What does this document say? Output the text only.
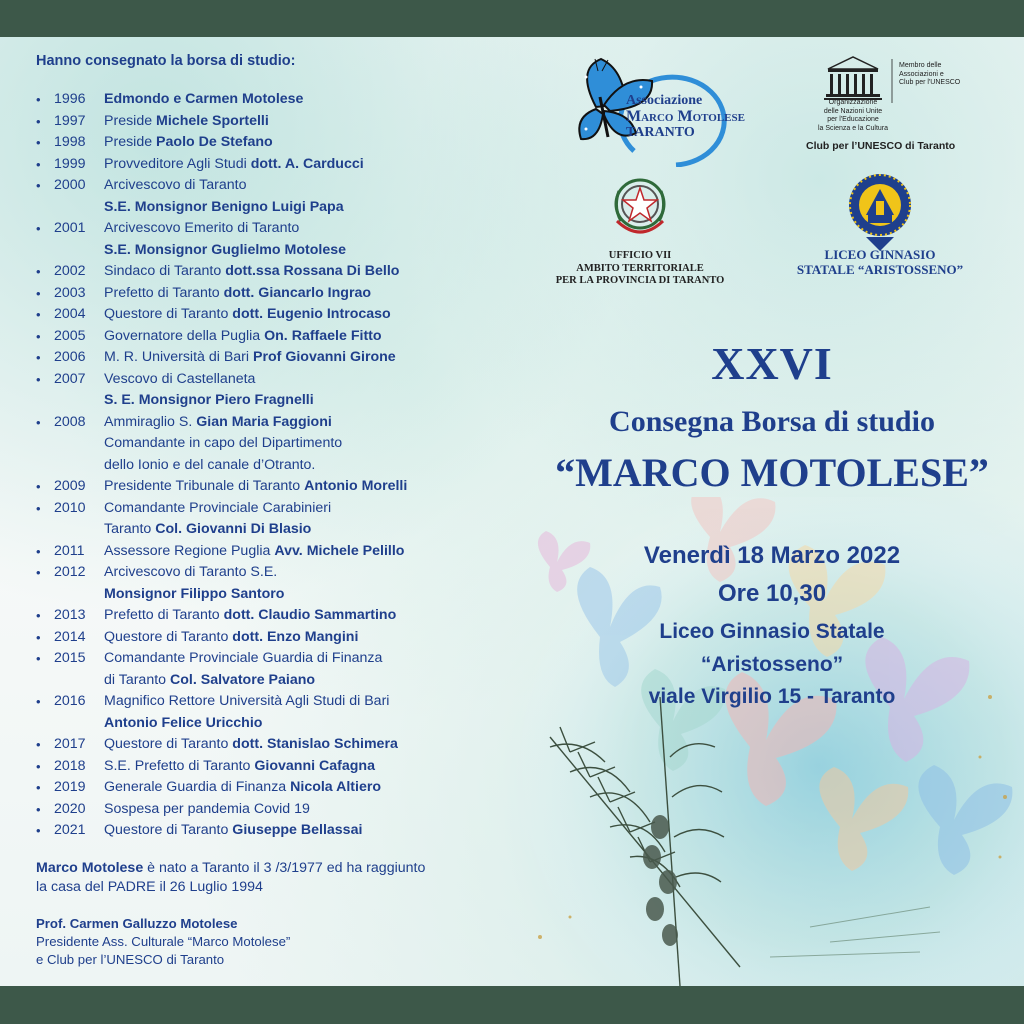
Hanno consegnato la borsa di studio:
• 1996 Edmondo e Carmen Motolese
• 1997 Preside Michele Sportelli
• 1998 Preside Paolo De Stefano
• 1999 Provveditore Agli Studi dott. A. Carducci
• 2000 Arcivescovo di Taranto
S.E. Monsignor Benigno Luigi Papa
• 2001 Arcivescovo Emerito di Taranto
S.E. Monsignor Guglielmo Motolese
• 2002 Sindaco di Taranto dott.ssa Rossana Di Bello
• 2003 Prefetto di Taranto dott. Giancarlo Ingrao
• 2004 Questore di Taranto dott. Eugenio Introcaso
• 2005 Governatore della Puglia On. Raffaele Fitto
• 2006 M. R. Università di Bari Prof Giovanni Girone
• 2007 Vescovo di Castellaneta
S. E. Monsignor Piero Fragnelli
• 2008 Ammiraglio S. Gian Maria Faggioni
Comandante in capo del Dipartimento
dello Ionio e del canale d’Otranto.
• 2009 Presidente Tribunale di Taranto Antonio Morelli
• 2010 Comandante Provinciale Carabinieri
Taranto Col. Giovanni Di Blasio
• 2011 Assessore Regione Puglia Avv. Michele Pelillo
• 2012 Arcivescovo di Taranto S.E.
Monsignor Filippo Santoro
• 2013 Prefetto di Taranto dott. Claudio Sammartino
• 2014 Questore di Taranto dott. Enzo Mangini
• 2015 Comandante Provinciale Guardia di Finanza
di Taranto Col. Salvatore Paiano
• 2016 Magnifico Rettore Università Agli Studi di Bari
Antonio Felice Uricchio
• 2017 Questore di Taranto dott. Stanislao Schimera
• 2018 S.E. Prefetto di Taranto Giovanni Cafagna
• 2019 Generale Guardia di Finanza Nicola Altiero
• 2020 Sospesa per pandemia Covid 19
• 2021 Questore di Taranto Giuseppe Bellassai
Marco Motolese è nato a Taranto il 3 /3/1977 ed ha raggiunto
la casa del PADRE il 26 Luglio 1994
Prof. Carmen Galluzzo Motolese
Presidente Ass. Culturale “Marco Motolese”
e Club per l’UNESCO di Taranto
Associazione
Marco Motolese
TARANTO
Membro delle
Associazioni e
Club per l'UNESCO
Organizzazione
delle Nazioni Unite
per l'Educazione
la Scienza e la Cultura
Club per l’UNESCO di Taranto
UFFICIO VII
AMBITO TERRITORIALE
PER LA PROVINCIA DI TARANTO
LICEO GINNASIO
STATALE “ARISTOSSENO”
XXVI
Consegna Borsa di studio
“MARCO MOTOLESE”
Venerdì 18 Marzo 2022
Ore 10,30
Liceo Ginnasio Statale
“Aristosseno”
viale Virgilio 15 - Taranto
